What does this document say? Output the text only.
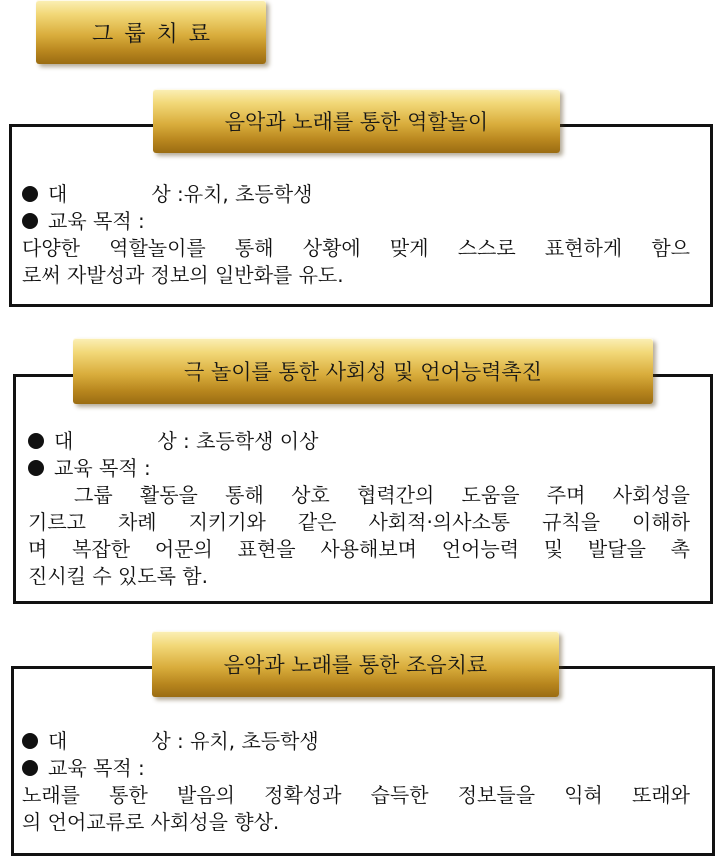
그룹치료
음악과 노래를 통한 역할놀이
대	상 :유치, 초등학생
교육 목적 :
다양한 역할놀이를 통해 상황에 맞게 스스로 표현하게 함으
로써 자발성과 정보의 일반화를 유도.
극 놀이를 통한 사회성 및 언어능력촉진
대	상 : 초등학생 이상
교육 목적 :
그룹 활동을 통해 상호 협력간의 도움을 주며 사회성을
기르고 차례 지키기와 같은 사회적·의사소통 규칙을 이해하
며 복잡한 어문의 표현을 사용해보며 언어능력 및 발달을 촉
진시킬 수 있도록 함.
음악과 노래를 통한 조음치료
대	상 : 유치, 초등학생
교육 목적 :
노래를 통한 발음의 정확성과 습득한 정보들을 익혀 또래와
의 언어교류로 사회성을 향상.
